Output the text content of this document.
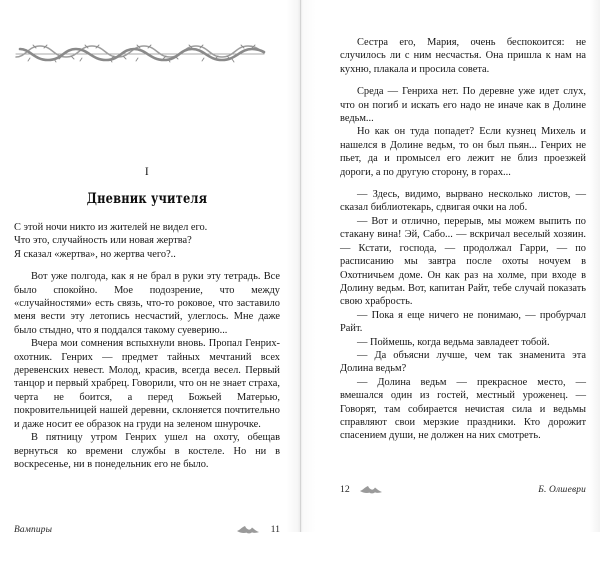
I
Дневник учителя

С этой ночи никто из жителей не видел его.

Что это, случайность или новая жертва?

Я сказал «жертва», но жертва чего?..

Вот уже полгода, как я не брал в руки эту тетрадь. Все было спокойно. Мое подозрение, что между «случайностями» есть связь, что-то роковое, что заставило меня вести эту летопись несчастий, улеглось. Мне даже было стыдно, что я поддался такому суеверию...

Вчера мои сомнения вспыхнули вновь. Пропал Генрих-охотник. Генрих — предмет тайных мечтаний всех деревенских невест. Молод, красив, всегда весел. Первый танцор и первый храбрец. Говорили, что он не знает страха, черта не боится, а перед Божьей Матерью, покровительницей нашей деревни, склоняется почтительно и даже носит ее образок на груди на зеленом шнурочке.

В пятницу утром Генрих ушел на охоту, обещав вернуться ко времени службы в костеле. Но ни в воскресенье, ни в понедельник его не было.

Вампиры	11

Сестра его, Мария, очень беспокоится: не случилось ли с ним несчастья. Она пришла к нам на кухню, плакала и просила совета.

Среда — Генриха нет. По деревне уже идет слух, что он погиб и искать его надо не иначе как в Долине ведьм...

Но как он туда попадет? Если кузнец Михель и нашелся в Долине ведьм, то он был пьян... Генрих не пьет, да и промысел его лежит не близ проезжей дороги, а по другую сторону, в горах...

— Здесь, видимо, вырвано несколько листов, — сказал библиотекарь, сдвигая очки на лоб.

— Вот и отлично, перерыв, мы можем выпить по стакану вина! Эй, Сабо... — вскричал веселый хозяин. — Кстати, господа, — продолжал Гарри, — по расписанию мы завтра после охоты ночуем в Охотничьем доме. Он как раз на холме, при входе в Долину ведьм. Вот, капитан Райт, тебе случай показать свою храбрость.

— Пока я еще ничего не понимаю, — пробурчал Райт.

— Поймешь, когда ведьма завладеет тобой.

— Да объясни лучше, чем так знаменита эта Долина ведьм?

— Долина ведьм — прекрасное место, — вмешался один из гостей, местный уроженец. — Говорят, там собирается нечистая сила и ведьмы справляют свои мерзкие праздники. Кто дорожит спасением души, не должен на них смотреть.

12	Б. Олшеври
